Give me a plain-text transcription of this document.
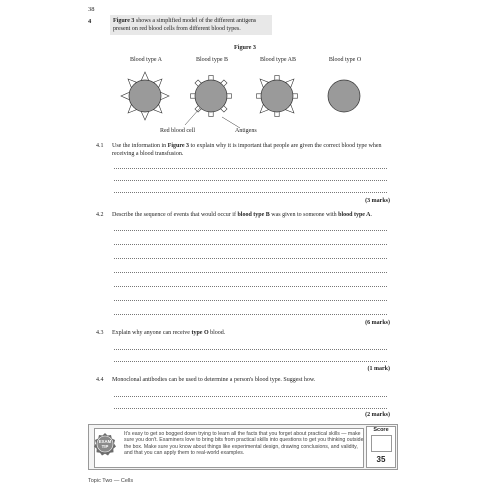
38
4	Figure 3 shows a simplified model of the different antigens present on red blood cells from different blood types.
Figure 3
Blood type A	Blood type B	Blood type AB	Blood type O
Red blood cell	Antigens
4.1 Use the information in Figure 3 to explain why it is important that people are given the correct blood type when receiving a blood transfusion.
(3 marks)
4.2 Describe the sequence of events that would occur if blood type B was given to someone with blood type A.
(6 marks)
4.3 Explain why anyone can receive type O blood.
(1 mark)
4.4 Monoclonal antibodies can be used to determine a person's blood type. Suggest how.
(2 marks)
EXAM
TIP
It's easy to get so bogged down trying to learn all the facts that you forget about practical skills — make sure you don't. Examiners love to bring bits from practical skills into questions to get you thinking outside the box. Make sure you know about things like experimental design, drawing conclusions, and validity, and that you can apply them to real-world examples.
Score
35
Topic Two — Cells
